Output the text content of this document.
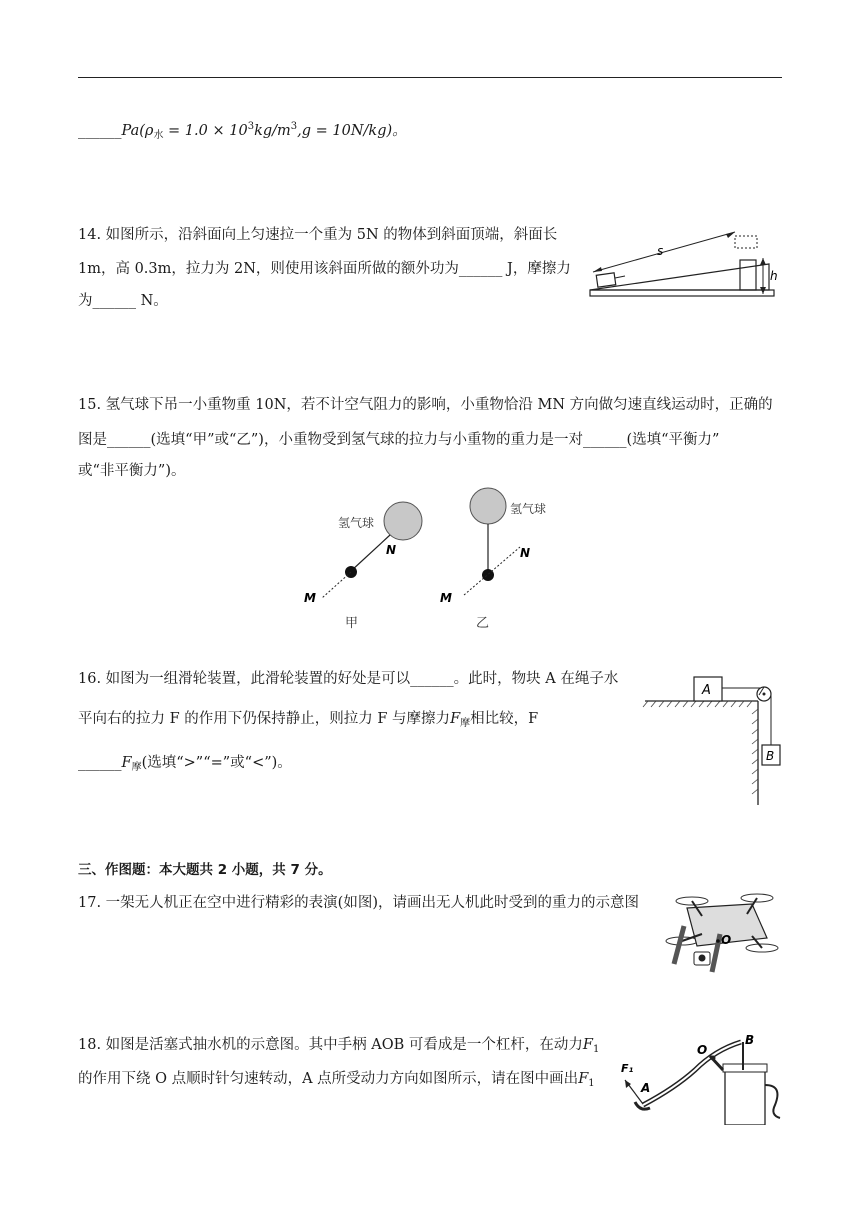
$\_\_\_\_\_\_Pa(\rho_水 = 1.0 \times 10^3kg/m^3,g = 10N/kg)$。
14. 如图所示，沿斜面向上匀速拉一个重为 5N 的物体到斜面顶端，斜面长
1m，高 0.3m，拉力为 2N，则使用该斜面所做的额外功为______ J，摩擦力
为______ N。
s
h
15. 氢气球下吊一小重物重 10N，若不计空气阻力的影响，小重物恰沿 MN 方向做匀速直线运动时，正确的
图是______(选填“甲”或“乙”)，小重物受到氢气球的拉力与小重物的重力是一对______(选填“平衡力”
或“非平衡力”)。
氢气球
N
M
甲
氢气球
N
M
乙
16. 如图为一组滑轮装置，此滑轮装置的好处是可以______。此时，物块 A 在绳子水
平向右的拉力 F 的作用下仍保持静止，则拉力 F 与摩擦力$F_摩$相比较，F
$\_\_\_\_\_\_F_摩$(选填“>”“=”或“<”)。
A
B
三、作图题：本大题共 2 小题，共 7 分。
17. 一架无人机正在空中进行精彩的表演(如图)，请画出无人机此时受到的重力的示意图
O
18. 如图是活塞式抽水机的示意图。其中手柄 AOB 可看成是一个杠杆，在动力$F_1$
的作用下绕 O 点顺时针匀速转动，A 点所受动力方向如图所示，请在图中画出$F_1$
F₁
A
O
B
